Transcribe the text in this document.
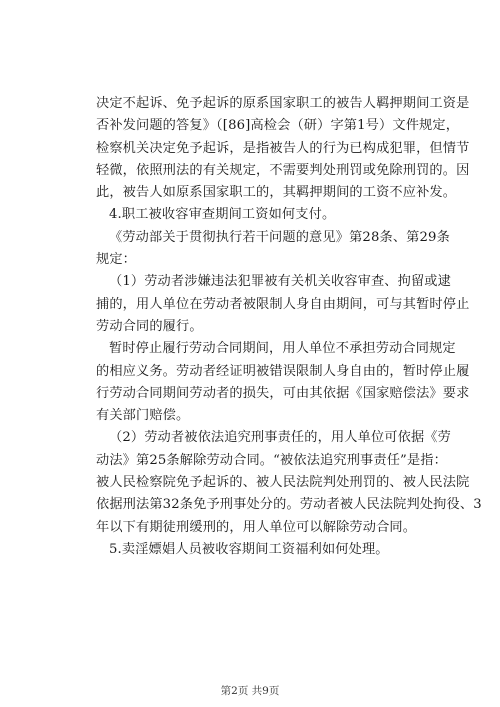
决定不起诉、免予起诉的原系国家职工的被告人羁押期间工资是
否补发问题的答复》（[86]高检会（研）字第1号）文件规定，
检察机关决定免予起诉，是指被告人的行为已构成犯罪，但情节
轻微，依照刑法的有关规定，不需要判处刑罚或免除刑罚的。因
此，被告人如原系国家职工的，其羁押期间的工资不应补发。
4.职工被收容审查期间工资如何支付。
《劳动部关于贯彻执行若干问题的意见》第28条、第29条
规定：
（1）劳动者涉嫌违法犯罪被有关机关收容审查、拘留或逮
捕的，用人单位在劳动者被限制人身自由期间，可与其暂时停止
劳动合同的履行。
暂时停止履行劳动合同期间，用人单位不承担劳动合同规定
的相应义务。劳动者经证明被错误限制人身自由的，暂时停止履
行劳动合同期间劳动者的损失，可由其依据《国家赔偿法》要求
有关部门赔偿。
（2）劳动者被依法追究刑事责任的，用人单位可依据《劳
动法》第25条解除劳动合同。“被依法追究刑事责任”是指：
被人民检察院免予起诉的、被人民法院判处刑罚的、被人民法院
依据刑法第32条免予刑事处分的。劳动者被人民法院判处拘役、3
年以下有期徒刑缓刑的，用人单位可以解除劳动合同。
5.卖淫嫖娼人员被收容期间工资福利如何处理。
第2页 共9页
